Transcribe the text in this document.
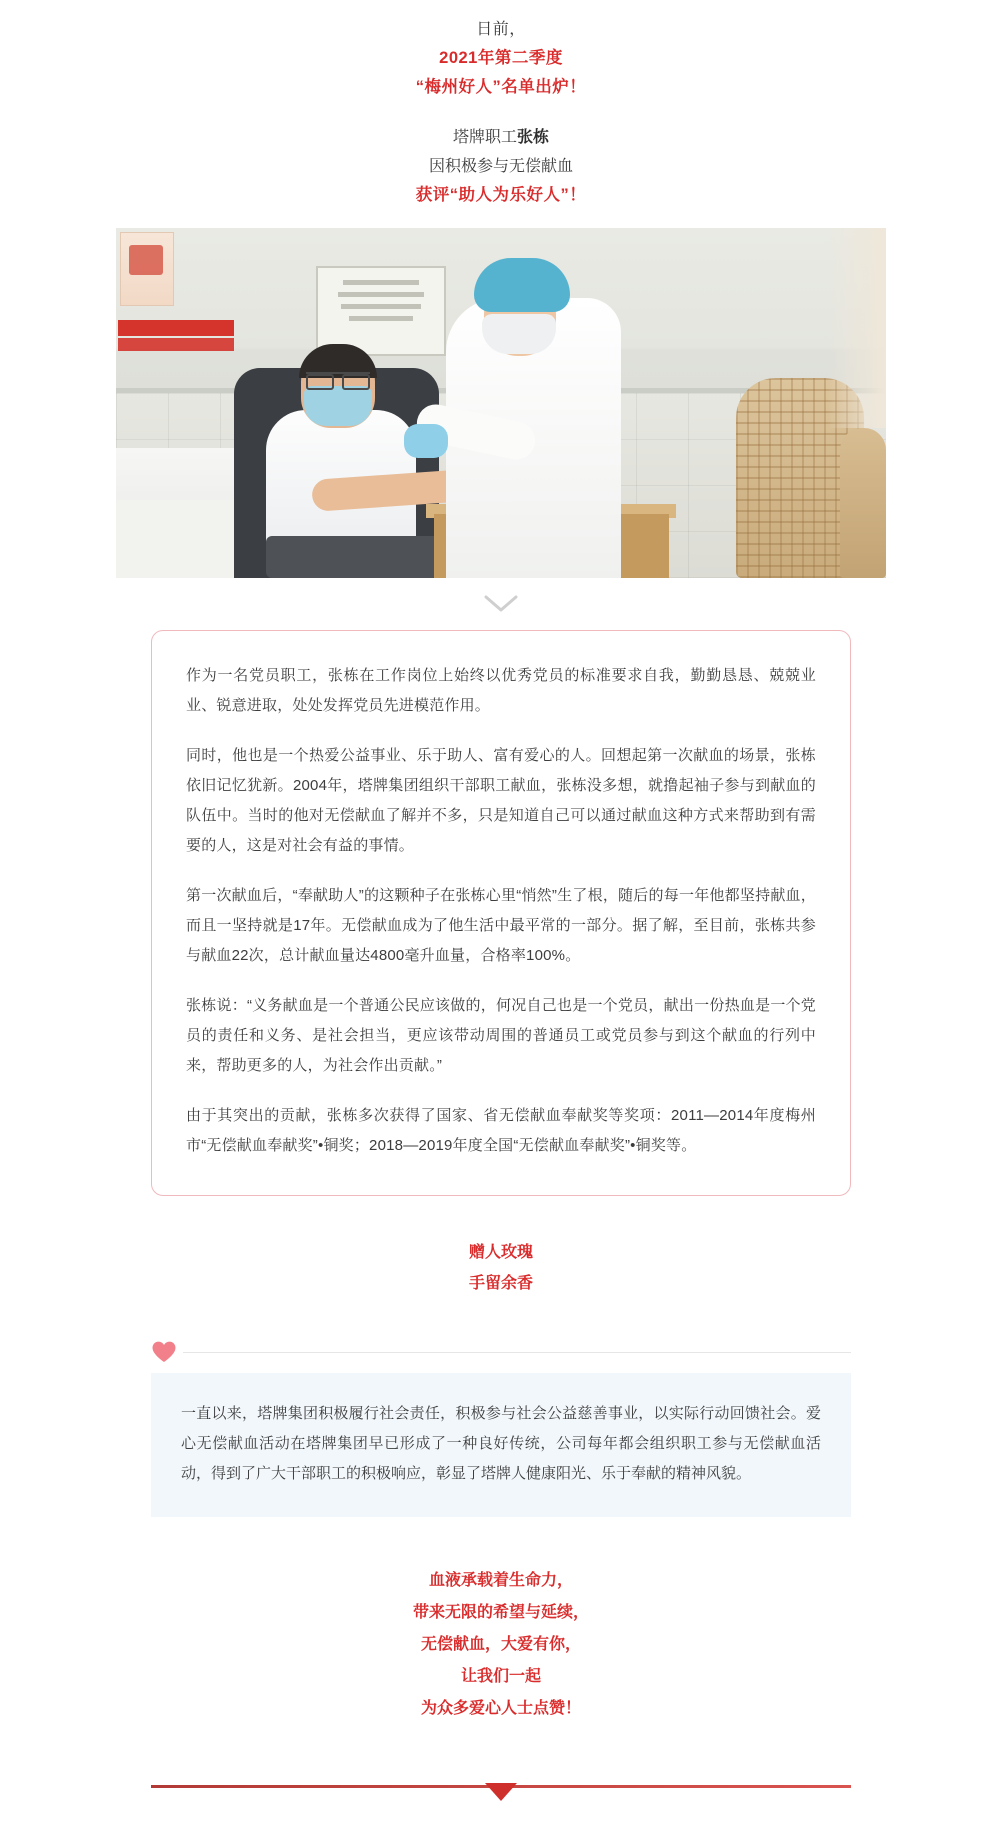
日前，
2021年第二季度
“梅州好人”名单出炉！
塔牌职工张栋
因积极参与无偿献血
获评“助人为乐好人”！

作为一名党员职工，张栋在工作岗位上始终以优秀党员的标准要求自我，勤勤恳恳、兢兢业业、锐意进取，处处发挥党员先进模范作用。

同时，他也是一个热爱公益事业、乐于助人、富有爱心的人。回想起第一次献血的场景，张栋依旧记忆犹新。2004年，塔牌集团组织干部职工献血，张栋没多想，就撸起袖子参与到献血的队伍中。当时的他对无偿献血了解并不多，只是知道自己可以通过献血这种方式来帮助到有需要的人，这是对社会有益的事情。

第一次献血后，“奉献助人”的这颗种子在张栋心里“悄然”生了根，随后的每一年他都坚持献血，而且一坚持就是17年。无偿献血成为了他生活中最平常的一部分。据了解，至目前，张栋共参与献血22次，总计献血量达4800毫升血量，合格率100%。

张栋说：“义务献血是一个普通公民应该做的，何况自己也是一个党员，献出一份热血是一个党员的责任和义务、是社会担当，更应该带动周围的普通员工或党员参与到这个献血的行列中来，帮助更多的人，为社会作出贡献。”

由于其突出的贡献，张栋多次获得了国家、省无偿献血奉献奖等奖项：2011—2014年度梅州市“无偿献血奉献奖”•铜奖；2018—2019年度全国“无偿献血奉献奖”•铜奖等。

赠人玫瑰
手留余香

一直以来，塔牌集团积极履行社会责任，积极参与社会公益慈善事业，以实际行动回馈社会。爱心无偿献血活动在塔牌集团早已形成了一种良好传统，公司每年都会组织职工参与无偿献血活动，得到了广大干部职工的积极响应，彰显了塔牌人健康阳光、乐于奉献的精神风貌。

血液承载着生命力，
带来无限的希望与延续，
无偿献血，大爱有你，
让我们一起
为众多爱心人士点赞！
